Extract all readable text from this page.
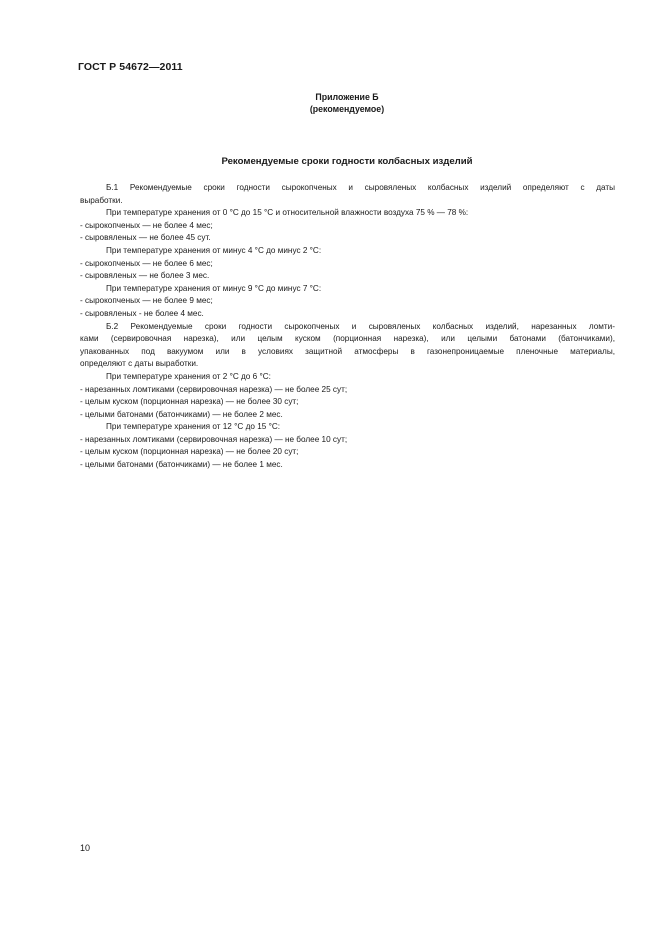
ГОСТ Р 54672—2011
Приложение Б
(рекомендуемое)
Рекомендуемые сроки годности колбасных изделий

Б.1 Рекомендуемые сроки годности сырокопченых и сыровяленых колбасных изделий определяют с даты

выработки.

При температуре хранения от 0 °С до 15 °С и относительной влажности воздуха 75 % — 78 %:

- сырокопченых — не более 4 мес;

- сыровяленых — не более 45 сут.

При температуре хранения от минус 4 °С до минус 2 °С:

- сырокопченых — не более 6 мес;

- сыровяленых — не более 3 мес.

При температуре хранения от минус 9 °С до минус 7 °С:

- сырокопченых — не более 9 мес;

- сыровяленых - не более 4 мес.

Б.2 Рекомендуемые сроки годности сырокопченых и сыровяленых колбасных изделий, нарезанных ломти-

ками (сервировочная нарезка), или целым куском (порционная нарезка), или целыми батонами (батончиками),

упакованных под вакуумом или в условиях защитной атмосферы в газонепроницаемые пленочные материалы,

определяют с даты выработки.

При температуре хранения от 2 °С до 6 °С:

- нарезанных ломтиками (сервировочная нарезка) — не более 25 сут;

- целым куском (порционная нарезка) — не более 30 сут;

- целыми батонами (батончиками) — не более 2 мес.

При температуре хранения от 12 °С до 15 °С:

- нарезанных ломтиками (сервировочная нарезка) — не более 10 сут;

- целым куском (порционная нарезка) — не более 20 сут;

- целыми батонами (батончиками) — не более 1 мес.

10
